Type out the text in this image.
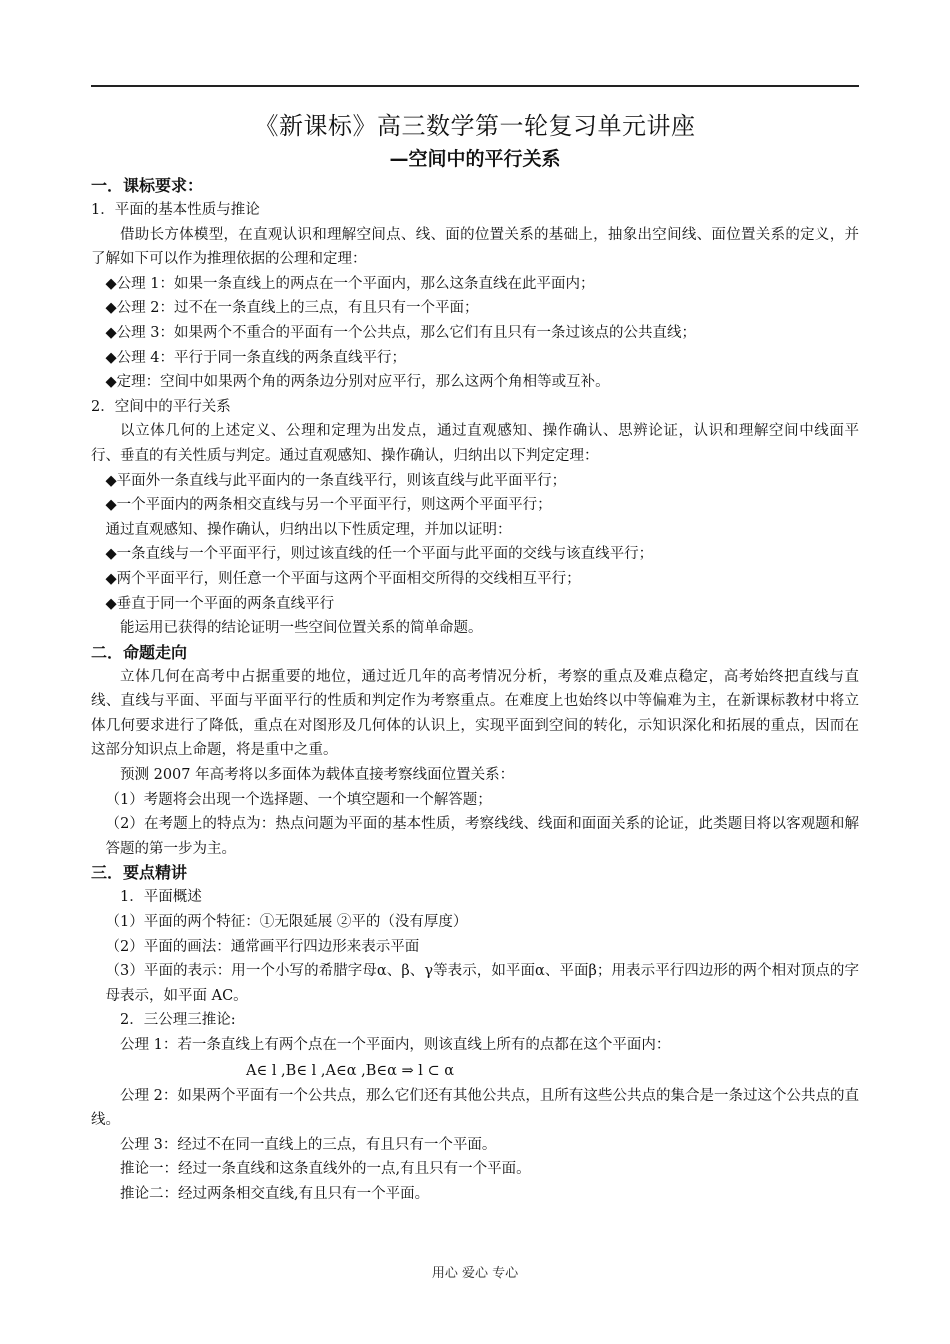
《新课标》高三数学第一轮复习单元讲座
—空间中的平行关系
一．课标要求：
1．平面的基本性质与推论
借助长方体模型，在直观认识和理解空间点、线、面的位置关系的基础上，抽象出空间线、面位置关系的定义，并了解如下可以作为推理依据的公理和定理：
◆公理 1：如果一条直线上的两点在一个平面内，那么这条直线在此平面内；
◆公理 2：过不在一条直线上的三点，有且只有一个平面；
◆公理 3：如果两个不重合的平面有一个公共点，那么它们有且只有一条过该点的公共直线；
◆公理 4：平行于同一条直线的两条直线平行；
◆定理：空间中如果两个角的两条边分别对应平行，那么这两个角相等或互补。
2．空间中的平行关系
以立体几何的上述定义、公理和定理为出发点，通过直观感知、操作确认、思辨论证，认识和理解空间中线面平行、垂直的有关性质与判定。通过直观感知、操作确认，归纳出以下判定定理：
◆平面外一条直线与此平面内的一条直线平行，则该直线与此平面平行；
◆一个平面内的两条相交直线与另一个平面平行，则这两个平面平行；
通过直观感知、操作确认，归纳出以下性质定理，并加以证明：
◆一条直线与一个平面平行，则过该直线的任一个平面与此平面的交线与该直线平行；
◆两个平面平行，则任意一个平面与这两个平面相交所得的交线相互平行；
◆垂直于同一个平面的两条直线平行
能运用已获得的结论证明一些空间位置关系的简单命题。
二．命题走向
立体几何在高考中占据重要的地位，通过近几年的高考情况分析，考察的重点及难点稳定，高考始终把直线与直线、直线与平面、平面与平面平行的性质和判定作为考察重点。在难度上也始终以中等偏难为主，在新课标教材中将立体几何要求进行了降低，重点在对图形及几何体的认识上，实现平面到空间的转化，示知识深化和拓展的重点，因而在这部分知识点上命题，将是重中之重。
预测 2007 年高考将以多面体为载体直接考察线面位置关系：
（1）考题将会出现一个选择题、一个填空题和一个解答题；
（2）在考题上的特点为：热点问题为平面的基本性质，考察线线、线面和面面关系的论证，此类题目将以客观题和解答题的第一步为主。
三．要点精讲
1．平面概述
（1）平面的两个特征：①无限延展 ②平的（没有厚度）
（2）平面的画法：通常画平行四边形来表示平面
（3）平面的表示：用一个小写的希腊字母α、β、γ等表示，如平面α、平面β；用表示平行四边形的两个相对顶点的字母表示，如平面 AC。
2．三公理三推论:
公理 1：若一条直线上有两个点在一个平面内，则该直线上所有的点都在这个平面内：
A∈ l ,B∈ l ,A∈α ,B∈α ⇒ l ⊂ α
公理 2：如果两个平面有一个公共点，那么它们还有其他公共点，且所有这些公共点的集合是一条过这个公共点的直线。
公理 3：经过不在同一直线上的三点，有且只有一个平面。
推论一：经过一条直线和这条直线外的一点,有且只有一个平面。
推论二：经过两条相交直线,有且只有一个平面。
用心 爱心 专心
